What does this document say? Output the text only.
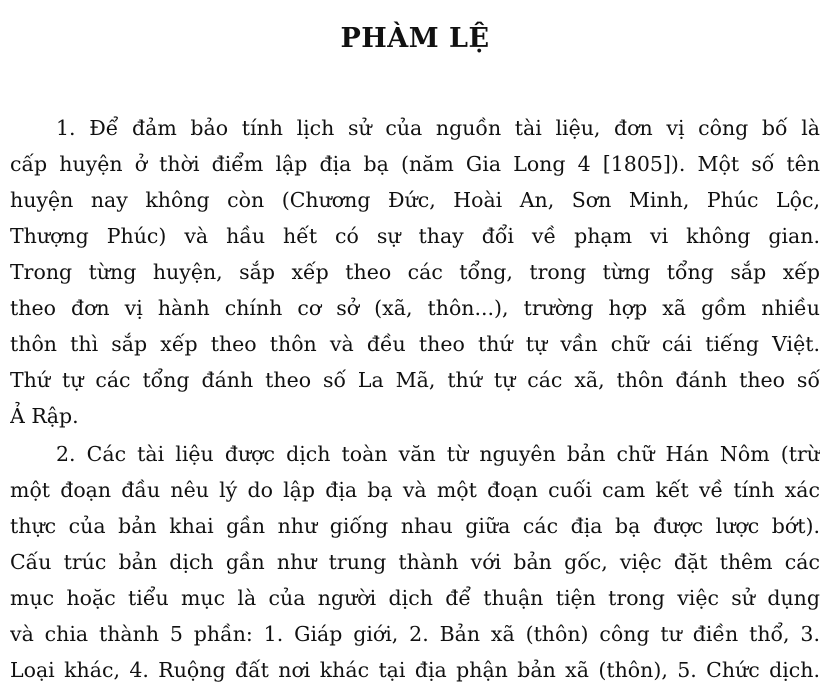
PHÀM LỆ
1. Để đảm bảo tính lịch sử của nguồn tài liệu, đơn vị công bố là
cấp huyện ở thời điểm lập địa bạ (năm Gia Long 4 [1805]). Một số tên
huyện nay không còn (Chương Đức, Hoài An, Sơn Minh, Phúc Lộc,
Thượng Phúc) và hầu hết có sự thay đổi về phạm vi không gian.
Trong từng huyện, sắp xếp theo các tổng, trong từng tổng sắp xếp
theo đơn vị hành chính cơ sở (xã, thôn...), trường hợp xã gồm nhiều
thôn thì sắp xếp theo thôn và đều theo thứ tự vần chữ cái tiếng Việt.
Thứ tự các tổng đánh theo số La Mã, thứ tự các xã, thôn đánh theo số
Ả Rập.
2. Các tài liệu được dịch toàn văn từ nguyên bản chữ Hán Nôm (trừ
một đoạn đầu nêu lý do lập địa bạ và một đoạn cuối cam kết về tính xác
thực của bản khai gần như giống nhau giữa các địa bạ được lược bớt).
Cấu trúc bản dịch gần như trung thành với bản gốc, việc đặt thêm các
mục hoặc tiểu mục là của người dịch để thuận tiện trong việc sử dụng
và chia thành 5 phần: 1. Giáp giới, 2. Bản xã (thôn) công tư điền thổ, 3.
Loại khác, 4. Ruộng đất nơi khác tại địa phận bản xã (thôn), 5. Chức dịch.
